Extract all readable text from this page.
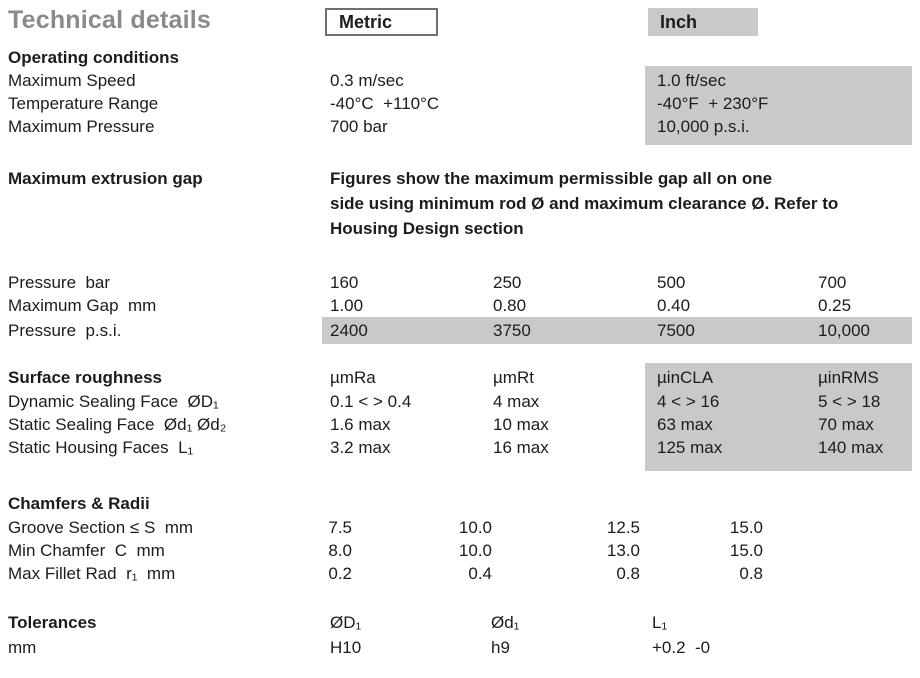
Technical details	Metric	Inch
Operating conditions
Maximum Speed	0.3 m/sec	1.0 ft/sec
Temperature Range	-40°C  +110°C	-40°F  + 230°F
Maximum Pressure	700 bar	10,000 p.s.i.
Maximum extrusion gap	Figures show the maximum permissible gap all on one
side using minimum rod Ø and maximum clearance Ø. Refer to
Housing Design section
Pressure  bar	160	250	500	700
Maximum Gap  mm	1.00	0.80	0.40	0.25
Pressure  p.s.i.	2400	3750	7500	10,000
Surface roughness	µmRa	µmRt	µinCLA	µinRMS
Dynamic Sealing Face  ØD₁	0.1 < > 0.4	4 max	4 < > 16	5 < > 18
Static Sealing Face  Ød₁ Ød₂	1.6 max	10 max	63 max	70 max
Static Housing Faces  L₁	3.2 max	16 max	125 max	140 max
Chamfers & Radii
Groove Section ≤ S  mm	7.5	10.0	12.5	15.0
Min Chamfer  C  mm	8.0	10.0	13.0	15.0
Max Fillet Rad  r₁  mm	0.2	0.4	0.8	0.8
Tolerances	ØD₁	Ød₁	L₁
mm	H10	h9	+0.2  -0
